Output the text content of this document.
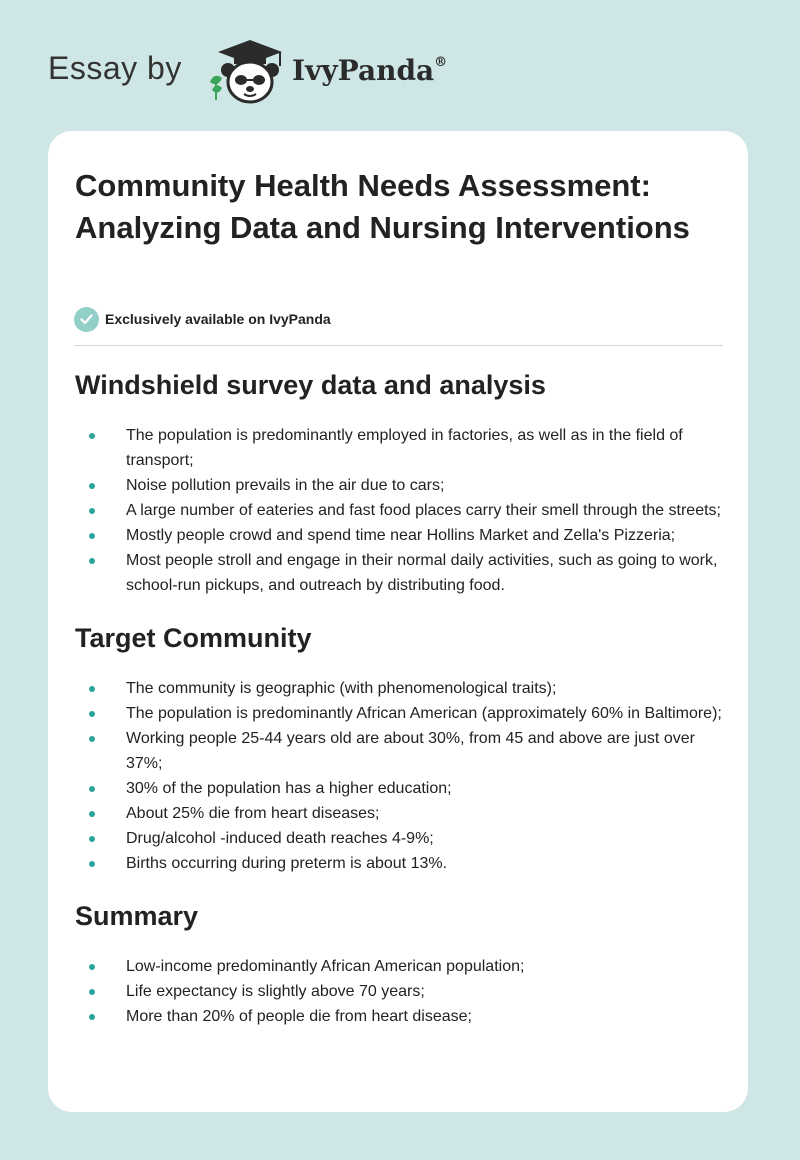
Essay by	IvyPanda®
Community Health Needs Assessment: Analyzing Data and Nursing Interventions
Exclusively available on IvyPanda
Windshield survey data and analysis
The population is predominantly employed in factories, as well as in the field of transport;
Noise pollution prevails in the air due to cars;
A large number of eateries and fast food places carry their smell through the streets;
Mostly people crowd and spend time near Hollins Market and Zella's Pizzeria;
Most people stroll and engage in their normal daily activities, such as going to work, school-run pickups, and outreach by distributing food.
Target Community
The community is geographic (with phenomenological traits);
The population is predominantly African American (approximately 60% in Baltimore);
Working people 25-44 years old are about 30%, from 45 and above are just over 37%;
30% of the population has a higher education;
About 25% die from heart diseases;
Drug/alcohol -induced death reaches 4-9%;
Births occurring during preterm is about 13%.
Summary
Low-income predominantly African American population;
Life expectancy is slightly above 70 years;
More than 20% of people die from heart disease;
